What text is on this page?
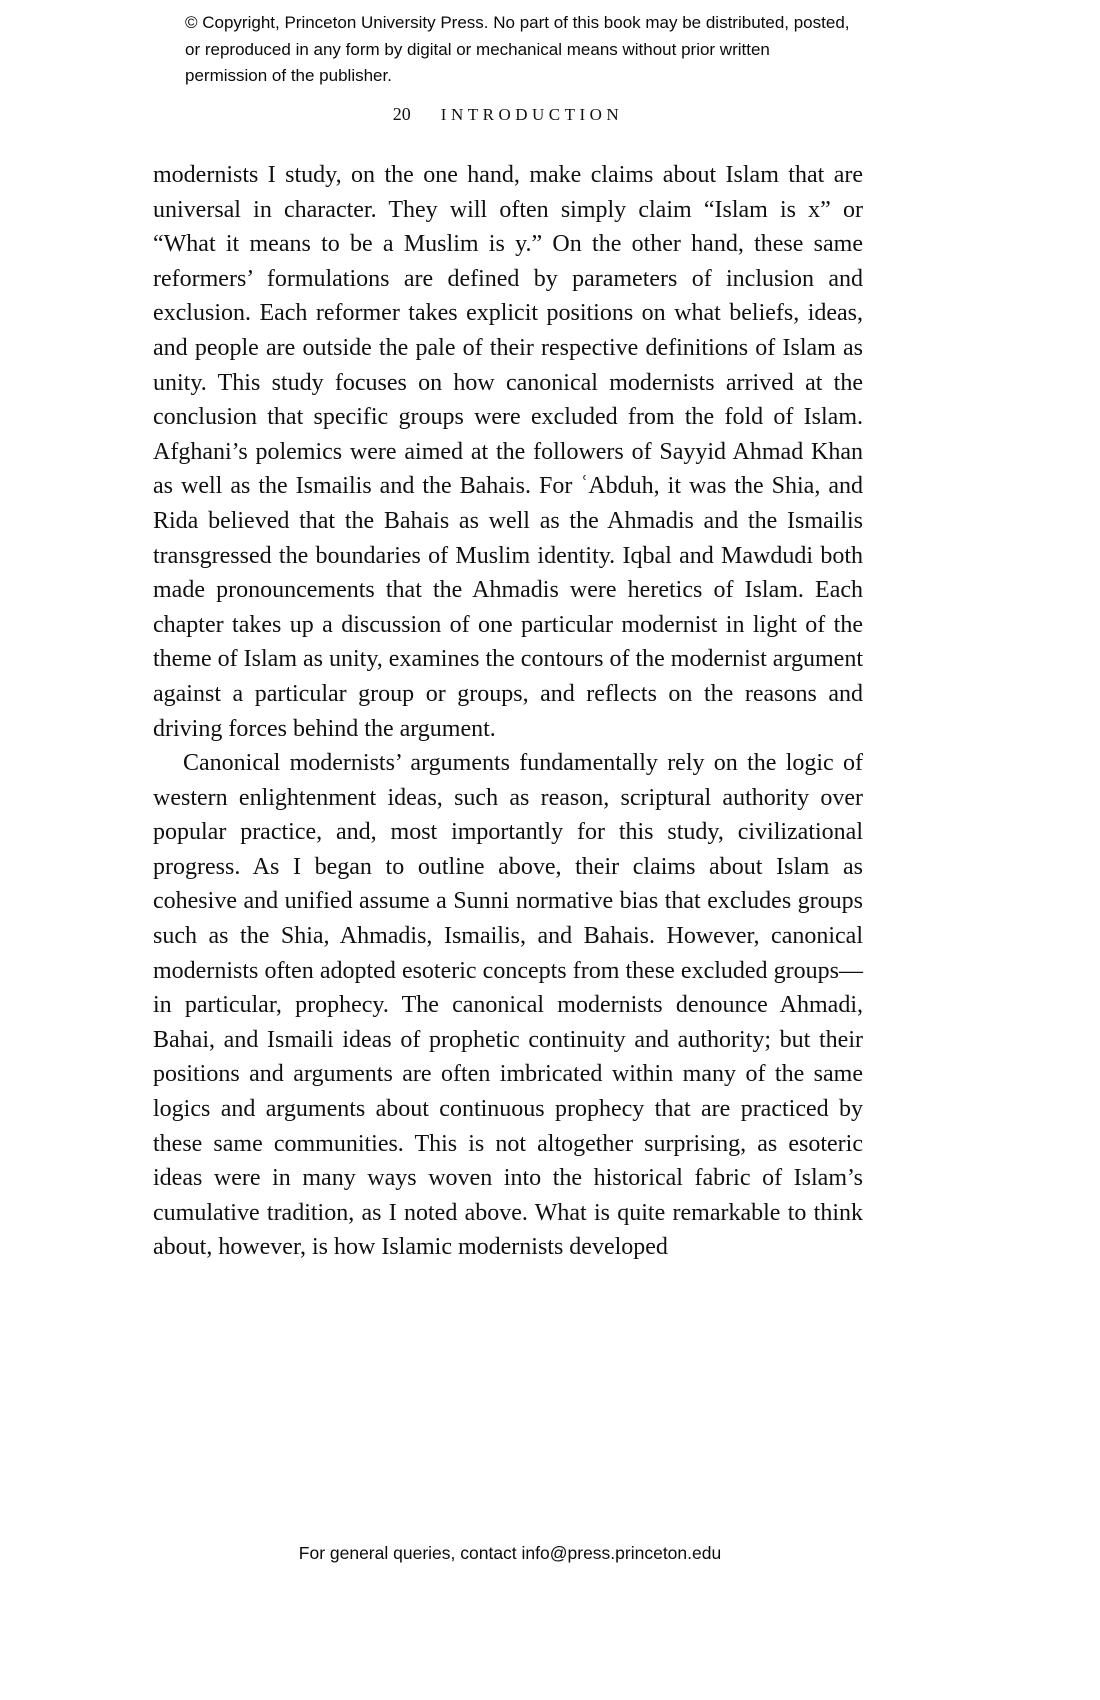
© Copyright, Princeton University Press. No part of this book may be distributed, posted, or reproduced in any form by digital or mechanical means without prior written permission of the publisher.
20 INTRODUCTION

modernists I study, on the one hand, make claims about Islam that are universal in character. They will often simply claim “Islam is x” or “What it means to be a Muslim is y.” On the other hand, these same reformers’ formulations are defined by parameters of inclusion and exclusion. Each reformer takes explicit positions on what beliefs, ideas, and people are outside the pale of their respective definitions of Islam as unity. This study focuses on how canonical modernists arrived at the conclusion that specific groups were excluded from the fold of Islam. Afghani’s polemics were aimed at the followers of Sayyid Ahmad Khan as well as the Ismailis and the Bahais. For ʿAbduh, it was the Shia, and Rida believed that the Bahais as well as the Ahmadis and the Ismailis transgressed the boundaries of Muslim identity. Iqbal and Mawdudi both made pronouncements that the Ahmadis were heretics of Islam. Each chapter takes up a discussion of one particular modernist in light of the theme of Islam as unity, examines the contours of the modernist argument against a particular group or groups, and reflects on the reasons and driving forces behind the argument.

Canonical modernists’ arguments fundamentally rely on the logic of western enlightenment ideas, such as reason, scriptural authority over popular practice, and, most importantly for this study, civilizational progress. As I began to outline above, their claims about Islam as cohesive and unified assume a Sunni normative bias that excludes groups such as the Shia, Ahmadis, Ismailis, and Bahais. However, canonical modernists often adopted esoteric concepts from these excluded groups—in particular, prophecy. The canonical modernists denounce Ahmadi, Bahai, and Ismaili ideas of prophetic continuity and authority; but their positions and arguments are often imbricated within many of the same logics and arguments about continuous prophecy that are practiced by these same communities. This is not altogether surprising, as esoteric ideas were in many ways woven into the historical fabric of Islam’s cumulative tradition, as I noted above. What is quite remarkable to think about, however, is how Islamic modernists developed

For general queries, contact info@press.princeton.edu
